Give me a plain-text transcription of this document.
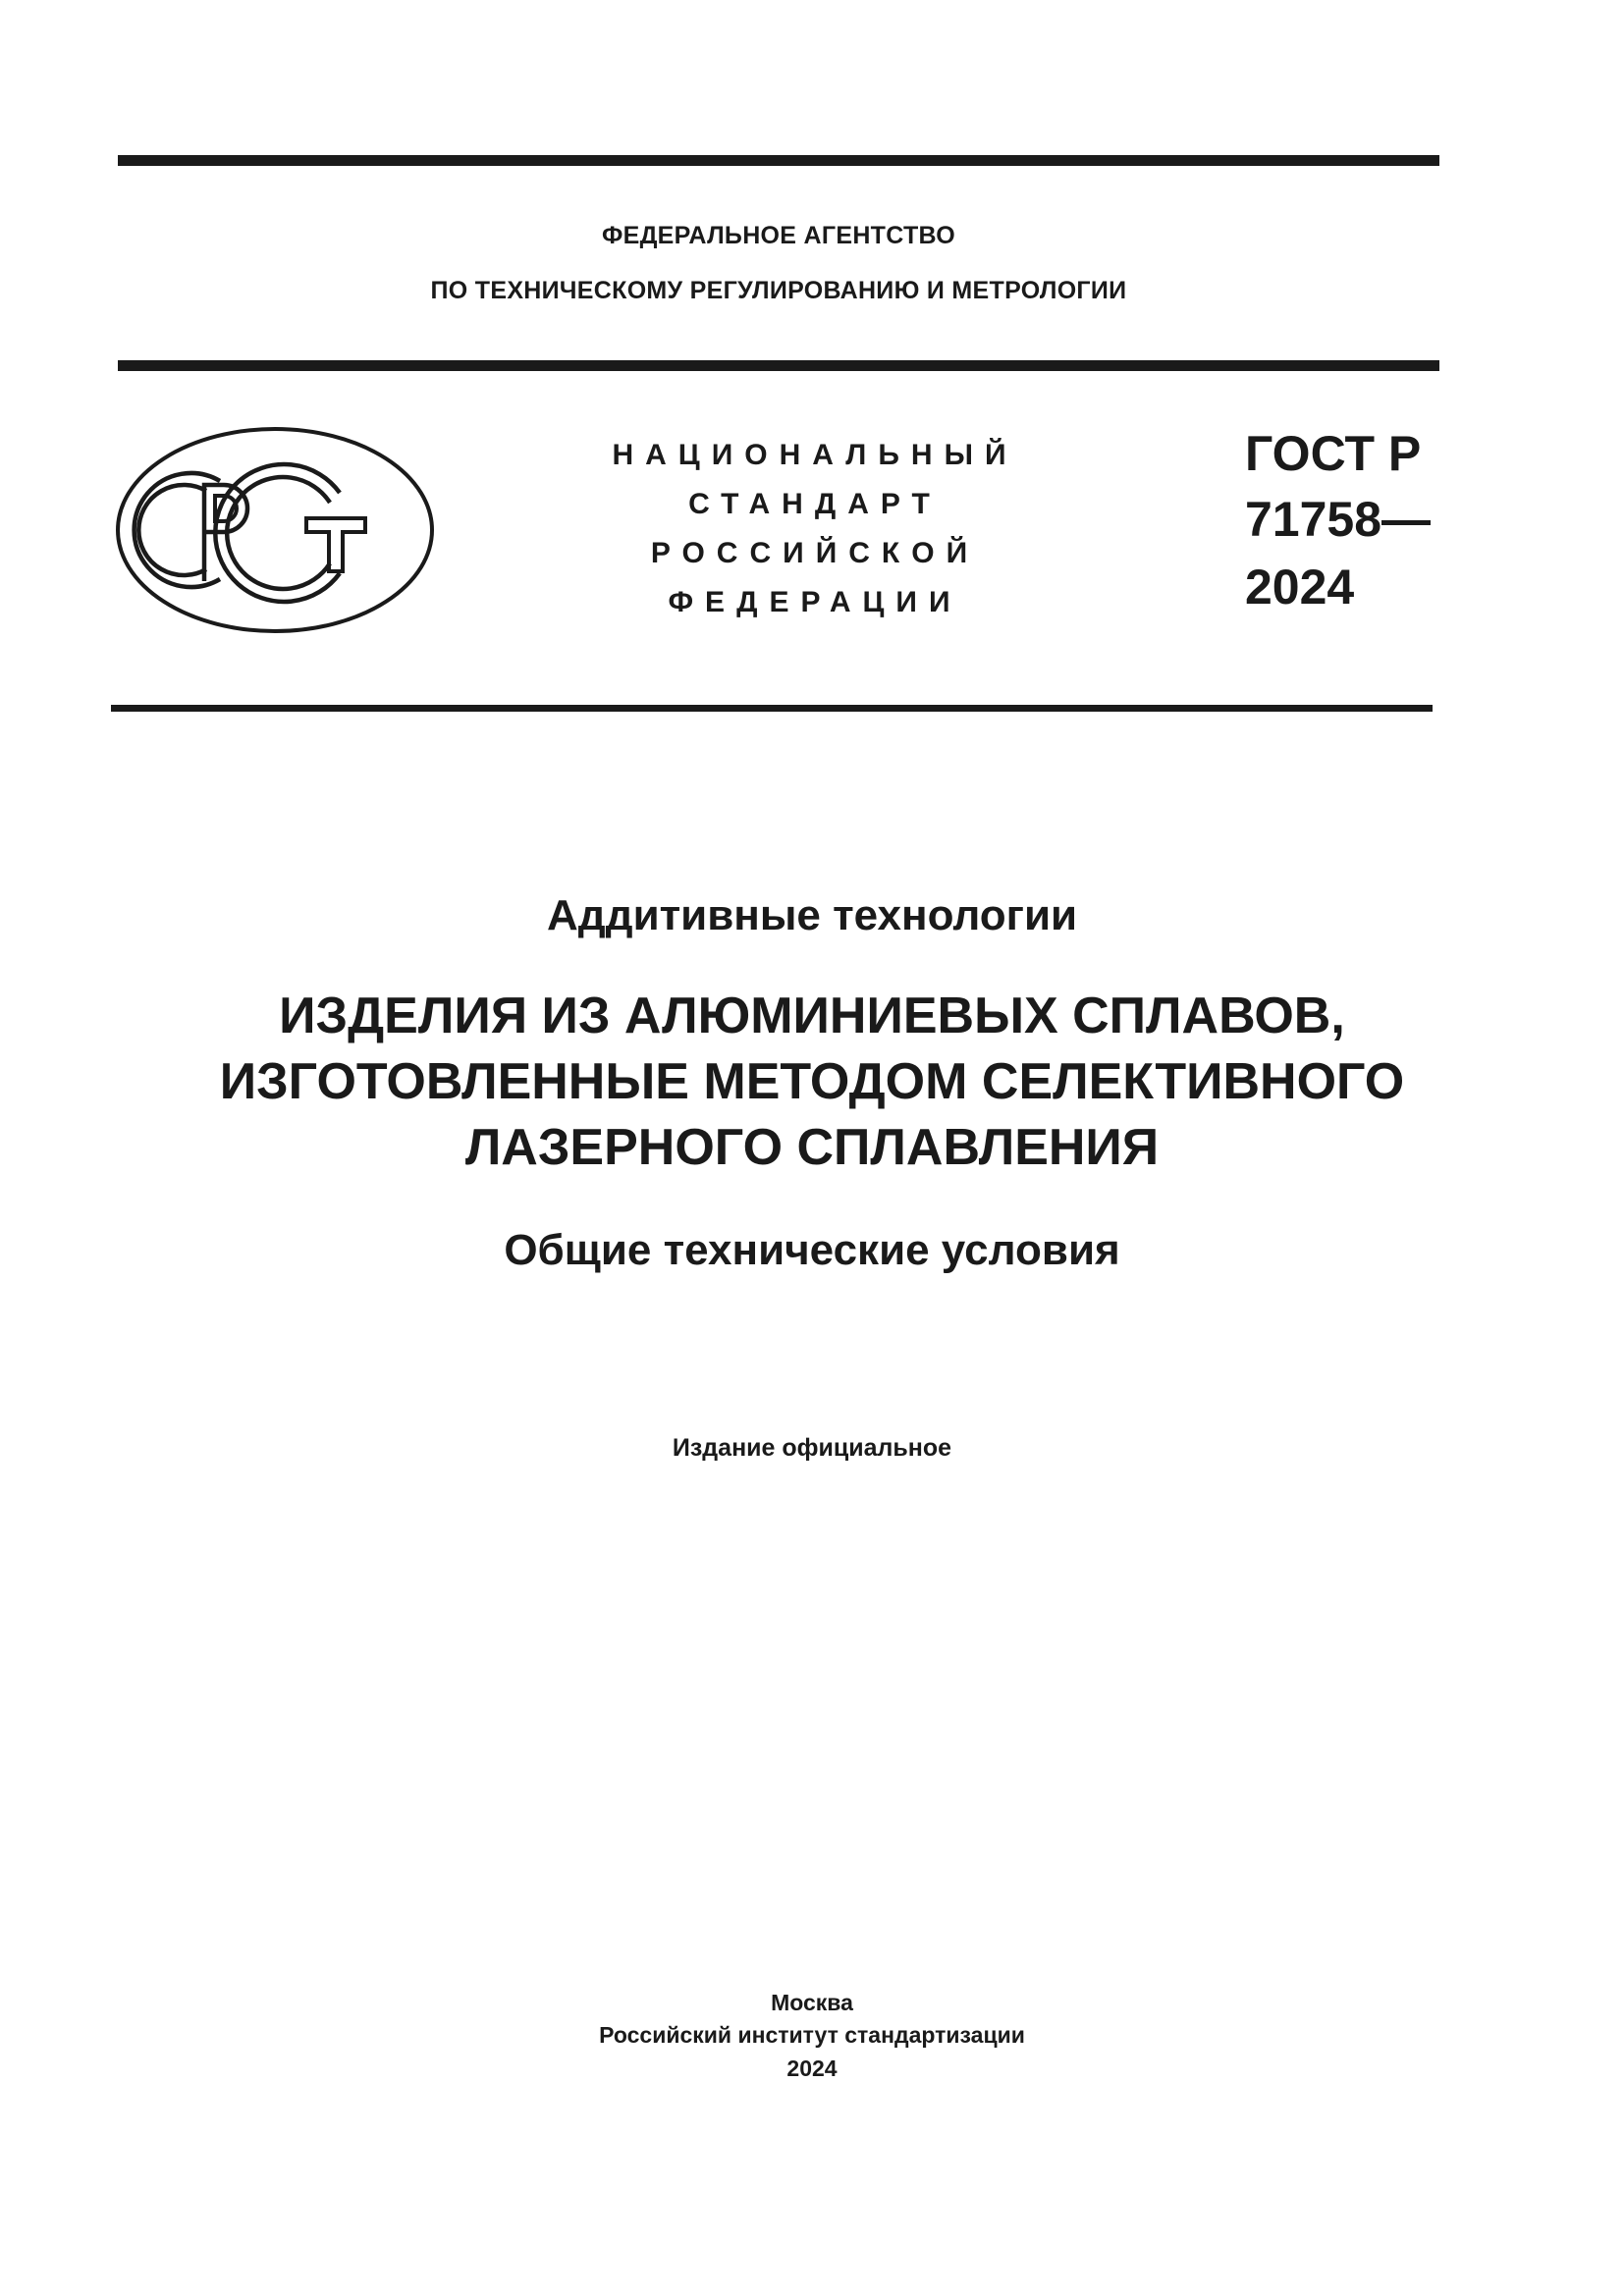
ФЕДЕРАЛЬНОЕ АГЕНТСТВО
ПО ТЕХНИЧЕСКОМУ РЕГУЛИРОВАНИЮ И МЕТРОЛОГИИ
НАЦИОНАЛЬНЫЙ
СТАНДАРТ
РОССИЙСКОЙ
ФЕДЕРАЦИИ
ГОСТ Р
71758—
2024
Аддитивные технологии
ИЗДЕЛИЯ ИЗ АЛЮМИНИЕВЫХ СПЛАВОВ,
ИЗГОТОВЛЕННЫЕ МЕТОДОМ СЕЛЕКТИВНОГО
ЛАЗЕРНОГО СПЛАВЛЕНИЯ
Общие технические условия
Издание официальное
Москва
Российский институт стандартизации
2024
